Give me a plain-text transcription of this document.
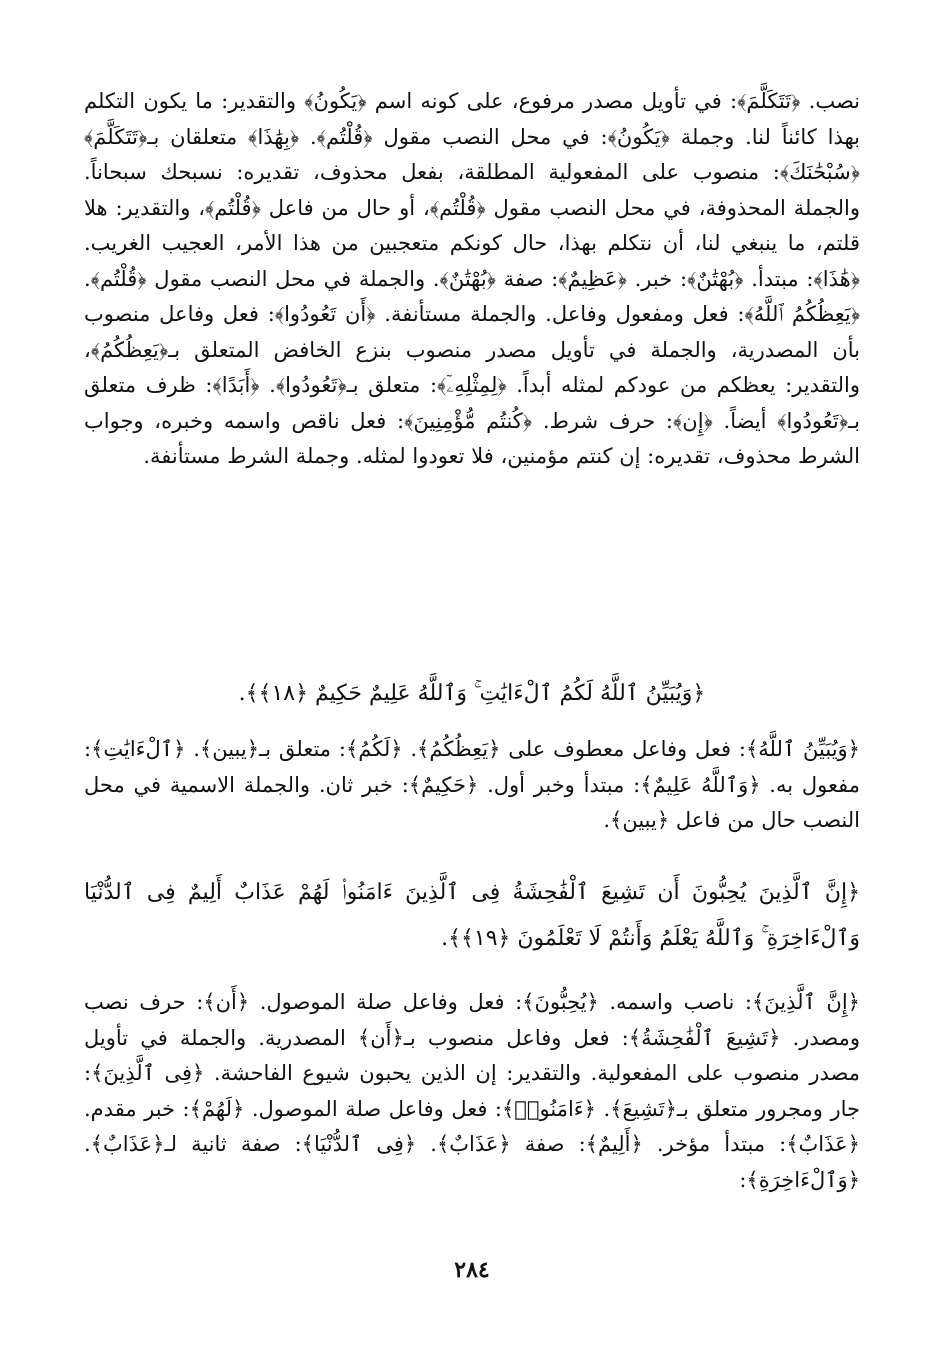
نصب. ﴿تَتَكَلَّمَ﴾: في تأويل مصدر مرفوع، على كونه اسم ﴿يَكُونُ﴾ والتقدير: ما يكون التكلم بهذا كائناً لنا. وجملة ﴿يَكُونُ﴾: في محل النصب مقول ﴿قُلْتُم﴾. ﴿بِهَٰذَا﴾ متعلقان بـ﴿تَتَكَلَّمَ﴾ ﴿سُبْحَٰنَكَ﴾: منصوب على المفعولية المطلقة، بفعل محذوف، تقديره: نسبحك سبحاناً. والجملة المحذوفة، في محل النصب مقول ﴿قُلْتُم﴾، أو حال من فاعل ﴿قُلْتُم﴾، والتقدير: هلا قلتم، ما ينبغي لنا، أن نتكلم بهذا، حال كونكم متعجبين من هذا الأمر، العجيب الغريب. ﴿هَٰذَا﴾: مبتدأ. ﴿بُهْتَٰنٌ﴾: خبر. ﴿عَظِيمٌ﴾: صفة ﴿بُهْتَٰنٌ﴾. والجملة في محل النصب مقول ﴿قُلْتُم﴾. ﴿يَعِظُكُمُ ٱللَّهُ﴾: فعل ومفعول وفاعل. والجملة مستأنفة. ﴿أَن تَعُودُوا﴾: فعل وفاعل منصوب بأن المصدرية، والجملة في تأويل مصدر منصوب بنزع الخافض المتعلق بـ﴿يَعِظُكُمُ﴾، والتقدير: يعظكم من عودكم لمثله أبداً. ﴿لِمِثْلِهِۦٓ﴾: متعلق بـ﴿تَعُودُوا﴾. ﴿أَبَدًا﴾: ظرف متعلق بـ﴿تَعُودُوا﴾ أيضاً. ﴿إِن﴾: حرف شرط. ﴿كُنتُم مُّؤْمِنِينَ﴾: فعل ناقص واسمه وخبره، وجواب الشرط محذوف، تقديره: إن كنتم مؤمنين، فلا تعودوا لمثله. وجملة الشرط مستأنفة.

﴿وَيُبَيِّنُ ٱللَّهُ لَكُمُ ٱلْءَايَٰتِ ۚ وَٱللَّهُ عَلِيمٌ حَكِيمٌ ﴿١٨﴾﴾.

﴿وَيُبَيِّنُ ٱللَّهُ﴾: فعل وفاعل معطوف على ﴿يَعِظُكُمُ﴾. ﴿لَكُمُ﴾: متعلق بـ﴿يبين﴾. ﴿ٱلْءَايَٰتِ﴾: مفعول به. ﴿وَٱللَّهُ عَلِيمٌ﴾: مبتدأ وخبر أول. ﴿حَكِيمٌ﴾: خبر ثان. والجملة الاسمية في محل النصب حال من فاعل ﴿يبين﴾.

﴿إِنَّ ٱلَّذِينَ يُحِبُّونَ أَن تَشِيعَ ٱلْفَٰحِشَةُ فِى ٱلَّذِينَ ءَامَنُوا۟ لَهُمْ عَذَابٌ أَلِيمٌ فِى ٱلدُّنْيَا وَٱلْءَاخِرَةِ ۚ وَٱللَّهُ يَعْلَمُ وَأَنتُمْ لَا تَعْلَمُونَ ﴿١٩﴾﴾.

﴿إِنَّ ٱلَّذِينَ﴾: ناصب واسمه. ﴿يُحِبُّونَ﴾: فعل وفاعل صلة الموصول. ﴿أَن﴾: حرف نصب ومصدر. ﴿تَشِيعَ ٱلْفَٰحِشَةُ﴾: فعل وفاعل منصوب بـ﴿أَن﴾ المصدرية. والجملة في تأويل مصدر منصوب على المفعولية. والتقدير: إن الذين يحبون شيوع الفاحشة. ﴿فِى ٱلَّذِينَ﴾: جار ومجرور متعلق بـ﴿تَشِيعَ﴾. ﴿ءَامَنُوا۟﴾: فعل وفاعل صلة الموصول. ﴿لَهُمْ﴾: خبر مقدم. ﴿عَذَابٌ﴾: مبتدأ مؤخر. ﴿أَلِيمٌ﴾: صفة ﴿عَذَابٌ﴾. ﴿فِى ٱلدُّنْيَا﴾: صفة ثانية لـ﴿عَذَابٌ﴾. ﴿وَٱلْءَاخِرَةِ﴾:

٢٨٤
